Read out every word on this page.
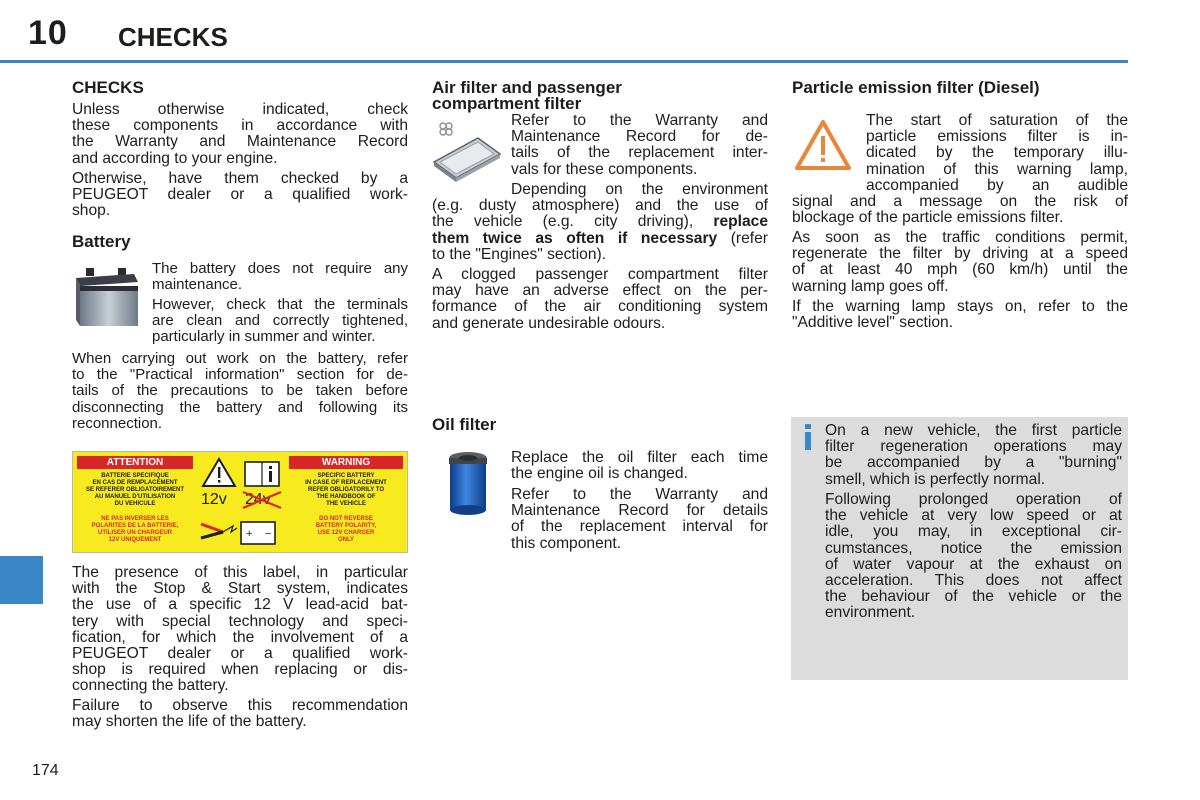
10 CHECKS
174
CHECKS
Unless otherwise indicated, check
these components in accordance with
the Warranty and Maintenance Record
and according to your engine.
Otherwise, have them checked by a
PEUGEOT dealer or a qualified work-
shop.
Battery
The battery does not require any
maintenance.
However, check that the terminals
are clean and correctly tightened,
particularly in summer and winter.
When carrying out work on the battery, refer
to the "Practical information" section for de-
tails of the precautions to be taken before
disconnecting the battery and following its
reconnection.
ATTENTION	WARNING
BATTERIE SPECIFIQUE
EN CAS DE REMPLACEMENT
SE REFERER OBLIGATOIREMENT
AU MANUEL D'UTILISATION
DU VEHICULE
NE PAS INVERSER LES
POLARITES DE LA BATTERIE,
UTILISER UN CHARGEUR
12V UNIQUEMENT
SPECIFIC BATTERY
IN CASE OF REPLACEMENT
REFER OBLIGATORILY TO
THE HANDBOOK OF
THE VEHICLE
DO NOT REVERSE
BATTERY POLARITY,
USE 12V CHARGER
ONLY
12v 24v
+ −
The presence of this label, in particular
with the Stop & Start system, indicates
the use of a specific 12 V lead-acid bat-
tery with special technology and speci-
fication, for which the involvement of a
PEUGEOT dealer or a qualified work-
shop is required when replacing or dis-
connecting the battery.
Failure to observe this recommendation
may shorten the life of the battery.
Air filter and passenger
compartment filter
Refer to the Warranty and
Maintenance Record for de-
tails of the replacement inter-
vals for these components.
Depending on the environment
(e.g. dusty atmosphere) and the use of
the vehicle (e.g. city driving), replace
them twice as often if necessary (refer
to the "Engines" section).
A clogged passenger compartment filter
may have an adverse effect on the per-
formance of the air conditioning system
and generate undesirable odours.
Oil filter
Replace the oil filter each time
the engine oil is changed.
Refer to the Warranty and
Maintenance Record for details
of the replacement interval for
this component.
Particle emission filter (Diesel)
The start of saturation of the
particle emissions filter is in-
dicated by the temporary illu-
mination of this warning lamp,
accompanied by an audible
signal and a message on the risk of
blockage of the particle emissions filter.
As soon as the traffic conditions permit,
regenerate the filter by driving at a speed
of at least 40 mph (60 km/h) until the
warning lamp goes off.
If the warning lamp stays on, refer to the
"Additive level" section.
On a new vehicle, the first particle
filter regeneration operations may
be accompanied by a "burning"
smell, which is perfectly normal.
Following prolonged operation of
the vehicle at very low speed or at
idle, you may, in exceptional cir-
cumstances, notice the emission
of water vapour at the exhaust on
acceleration. This does not affect
the behaviour of the vehicle or the
environment.
